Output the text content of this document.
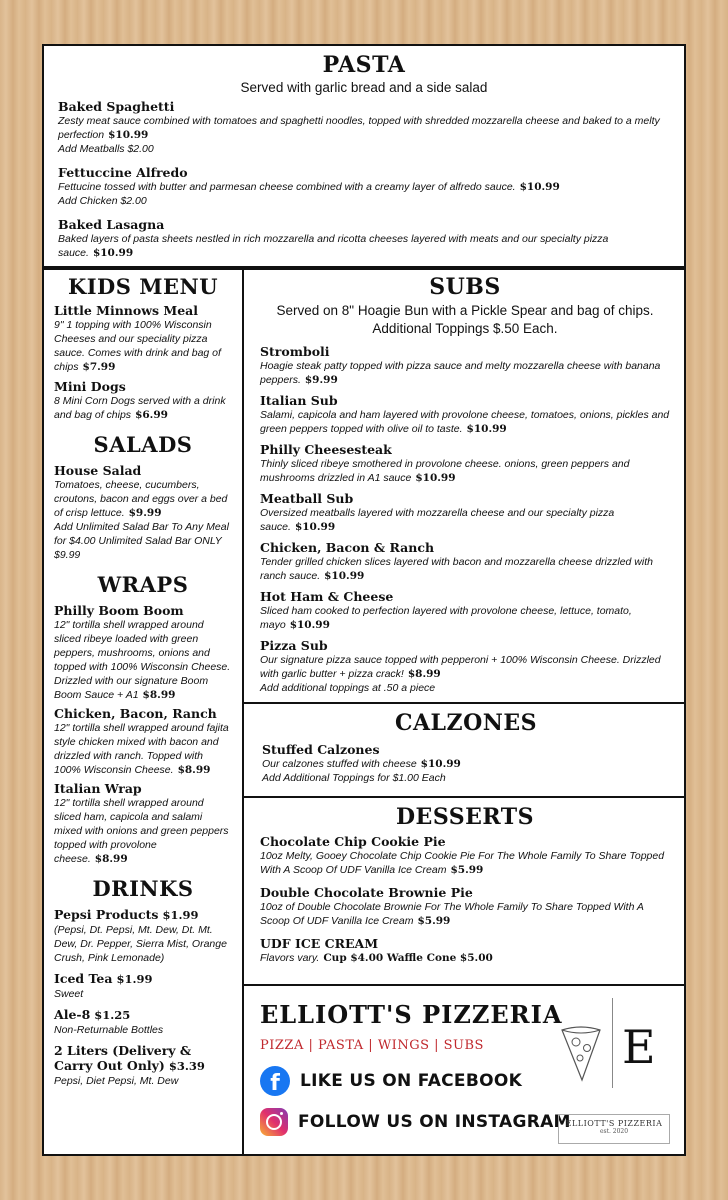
PASTA
Served with garlic bread and a side salad

Baked Spaghetti

Zesty meat sauce combined with tomatoes and spaghetti noodles, topped with shredded mozzarella cheese and baked to a melty perfection $10.99

Add Meatballs $2.00

Fettuccine Alfredo

Fettucine tossed with butter and parmesan cheese combined with a creamy layer of alfredo sauce. $10.99

Add Chicken $2.00

Baked Lasagna

Baked layers of pasta sheets nestled in rich mozzarella and ricotta cheeses layered with meats and our specialty pizza sauce. $10.99

KIDS MENU

Little Minnows Meal

9" 1 topping with 100% Wisconsin Cheeses and our speciality pizza sauce. Comes with drink and bag of chips $7.99

Mini Dogs

8 Mini Corn Dogs served with a drink and bag of chips $6.99

SALADS

House Salad

Tomatoes, cheese, cucumbers, croutons, bacon and eggs over a bed of crisp lettuce. $9.99

Add Unlimited Salad Bar To Any Meal for $4.00 Unlimited Salad Bar ONLY $9.99

WRAPS

Philly Boom Boom

12" tortilla shell wrapped around sliced ribeye loaded with green peppers, mushrooms, onions and topped with 100% Wisconsin Cheese. Drizzled with our signature Boom Boom Sauce + A1 $8.99

Chicken, Bacon, Ranch

12" tortilla shell wrapped around fajita style chicken mixed with bacon and drizzled with ranch. Topped with 100% Wisconsin Cheese. $8.99

Italian Wrap

12" tortilla shell wrapped around sliced ham, capicola and salami mixed with onions and green peppers topped with provolone cheese. $8.99

DRINKS

Pepsi Products $1.99

(Pepsi, Dt. Pepsi, Mt. Dew, Dt. Mt. Dew, Dr. Pepper, Sierra Mist, Orange Crush, Pink Lemonade)

Iced Tea $1.99

Sweet

Ale-8 $1.25

Non-Returnable Bottles

2 Liters (Delivery & Carry Out Only) $3.39

Pepsi, Diet Pepsi, Mt. Dew

SUBS
Served on 8" Hoagie Bun with a Pickle Spear and bag of chips. Additional Toppings $.50 Each.

Stromboli

Hoagie steak patty topped with pizza sauce and melty mozzarella cheese with banana peppers. $9.99

Italian Sub

Salami, capicola and ham layered with provolone cheese, tomatoes, onions, pickles and green peppers topped with olive oil to taste. $10.99

Philly Cheesesteak

Thinly sliced ribeye smothered in provolone cheese. onions, green peppers and mushrooms drizzled in A1 sauce $10.99

Meatball Sub

Oversized meatballs layered with mozzarella cheese and our specialty pizza sauce. $10.99

Chicken, Bacon & Ranch

Tender grilled chicken slices layered with bacon and mozzarella cheese drizzled with ranch sauce. $10.99

Hot Ham & Cheese

Sliced ham cooked to perfection layered with provolone cheese, lettuce, tomato, mayo $10.99

Pizza Sub

Our signature pizza sauce topped with pepperoni + 100% Wisconsin Cheese. Drizzled with garlic butter + pizza crack! $8.99

Add additional toppings at .50 a piece

CALZONES

Stuffed Calzones

Our calzones stuffed with cheese $10.99

Add Additional Toppings for $1.00 Each

DESSERTS

Chocolate Chip Cookie Pie

10oz Melty, Gooey Chocolate Chip Cookie Pie For The Whole Family To Share Topped With A Scoop Of UDF Vanilla Ice Cream $5.99

Double Chocolate Brownie Pie

10oz of Double Chocolate Brownie For The Whole Family To Share Topped With A Scoop Of UDF Vanilla Ice Cream $5.99

UDF ICE CREAM

Flavors vary. Cup $4.00 Waffle Cone $5.00

ELLIOTT'S PIZZERIA
PIZZA | PASTA | WINGS | SUBS
f	LIKE US ON FACEBOOK
FOLLOW US ON INSTAGRAM
E
ELLIOTT'S PIZZERIA
est. 2020
